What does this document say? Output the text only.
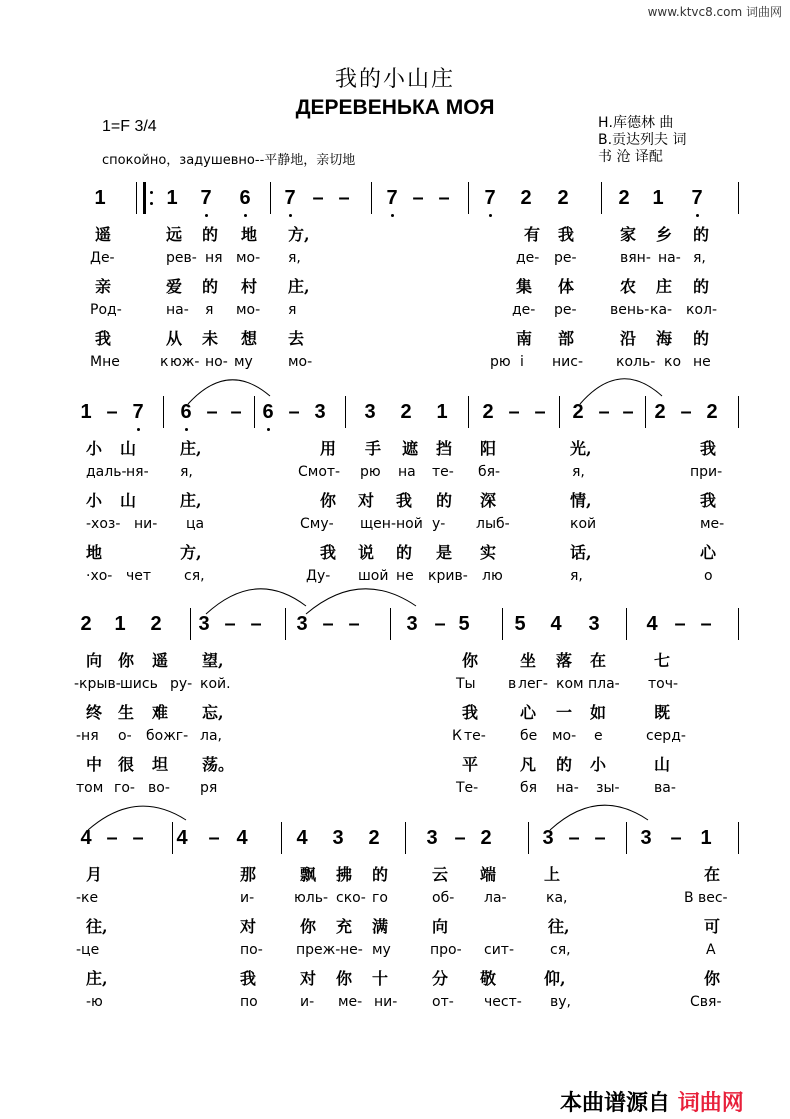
www.ktvc8.com 词曲网
我的小山庄
ДЕРЕВЕНЬКА МОЯ
Н.库德林 曲
В.贡达列夫 词
书 沧 译配
1=F 3/4
спокойно，задушевно--平静地，亲切地
1	1 7 6 7 – – 7 – – 7 2 2 2 1 7
遥	远 的 地 方,	有 我	家 乡 的
Де-	рев- ня мо- я,	де- ре-	вян- на- я,
亲	爱 的 村 庄,	集 体	农 庄 的
Род-	на- я мо- я	де- ре- вень- ка- кол-
我	从 未 想 去	南 部	沿 海 的
Мне	к юж- но- му	мо-	рю і нис- коль- ко не
1 – 7 6 – – 6 – 3 3 2 1 2 – – 2 – – 2 – 2
小 山	庄,	用 手 遮 挡 阳	光,	我
даль- ня- я,	Смот- рю на те- бя-	я,	при-
小 山	庄,	你 对 我 的 深	情,	我
-хоз- ни- ца	Сму- щен- ной у- лыб-	кой	ме-
地	方,	我 说 的 是 实	话,	心
·хо- чет ся,	Ду- шой не крив- лю	я,	о
2 1 2 3 – – 3 – – 3 – 5 5 4 3 4 – –
向 你 遥 望,	你	坐 落 在	七
-крыв- шись ру- кой.	Ты в лег- ком пла- точ-
终 生 难 忘,	我	心 一 如	既
-ня о- божг- ла,	К те- бе мо- е	серд-
中 很 坦 荡。	平	凡 的 小	山
том го- во- ря	Те-	бя на- зы- ва-
4 – – 4 – 4 4 3 2 3 – 2	3 – – 3 – 1
月	那	飘 拂 的	云 端	上	在
-ке	и-	юль- ско- го	об- ла-	ка,	В вес-
往,	对	你 充 满	向	往,	可
-це	по- преж- не- му	про- сит-	ся,	А
庄,	我	对 你 十	分 敬	仰,	你
-ю	по	и- ме- ни- от- чест- ву,	Свя-
本曲谱源自 词曲网
